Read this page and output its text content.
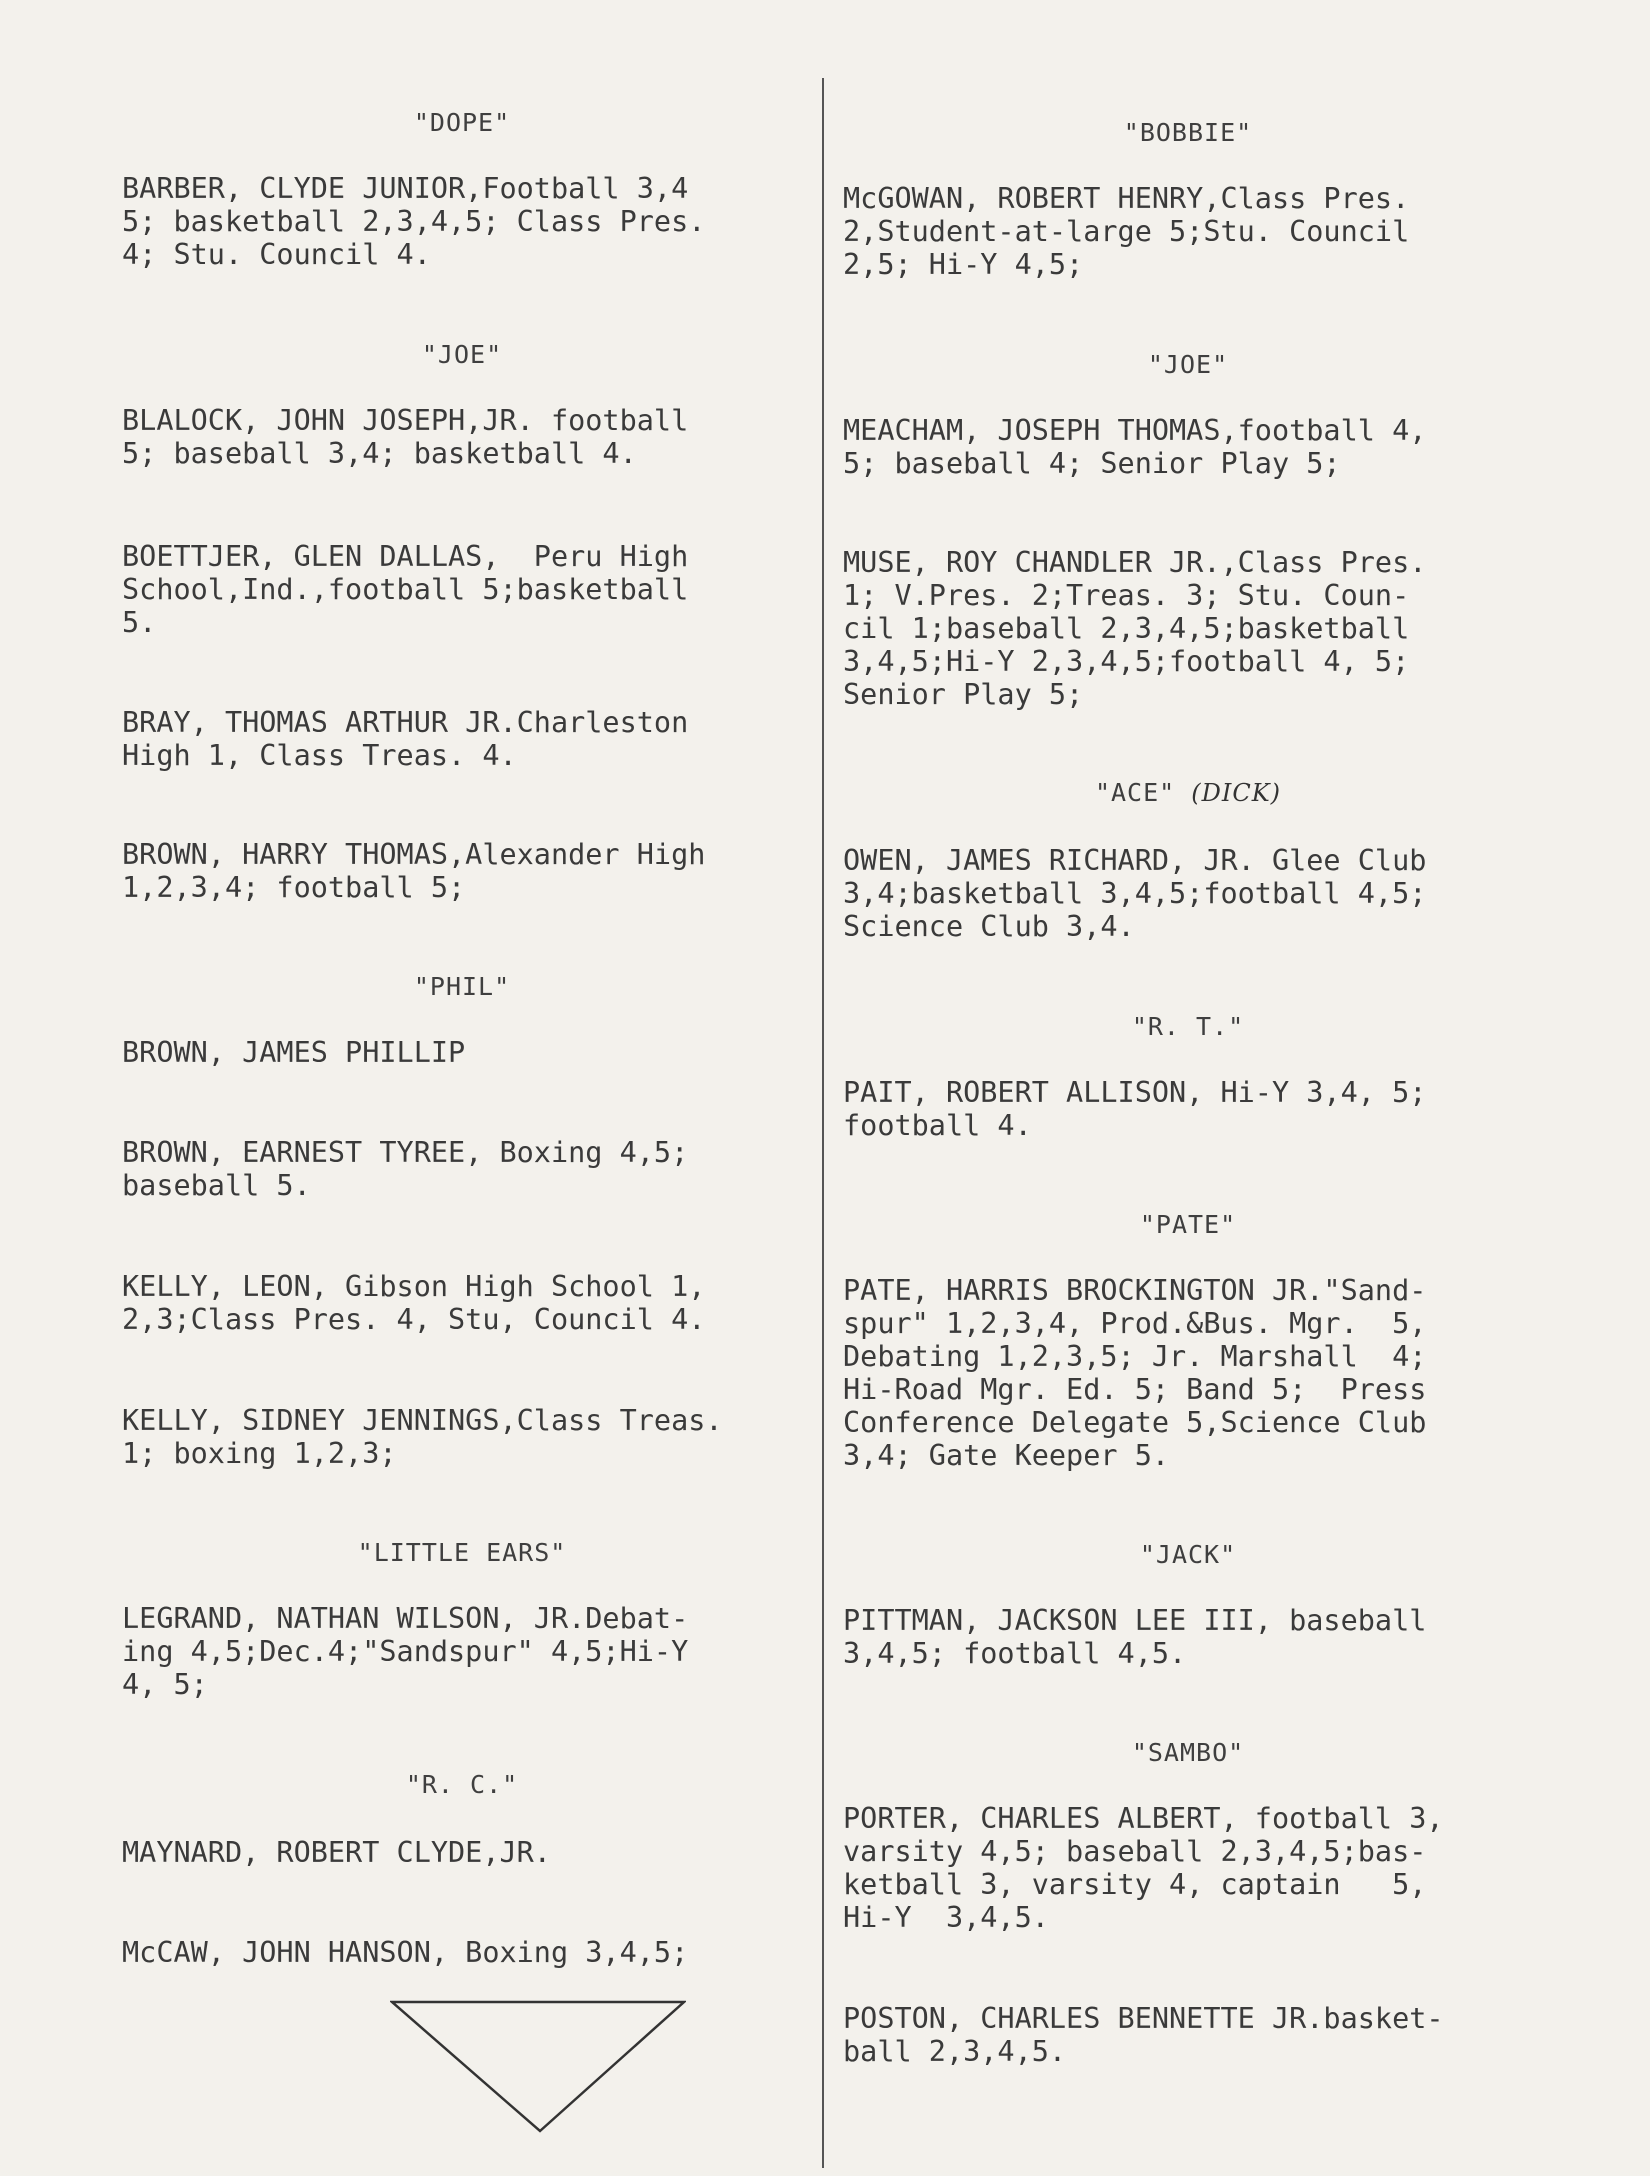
"DOPE"
BARBER, CLYDE JUNIOR,Football 3,4
5; basketball 2,3,4,5; Class Pres.
4; Stu. Council 4.
"JOE"
BLALOCK, JOHN JOSEPH,JR. football
5; baseball 3,4; basketball 4.
BOETTJER, GLEN DALLAS,  Peru High
School,Ind.,football 5;basketball
5.
BRAY, THOMAS ARTHUR JR.Charleston
High 1, Class Treas. 4.
BROWN, HARRY THOMAS,Alexander High
1,2,3,4; football 5;
"PHIL"
BROWN, JAMES PHILLIP
BROWN, EARNEST TYREE, Boxing 4,5;
baseball 5.
KELLY, LEON, Gibson High School 1,
2,3;Class Pres. 4, Stu, Council 4.
KELLY, SIDNEY JENNINGS,Class Treas.
1; boxing 1,2,3;
"LITTLE EARS"
LEGRAND, NATHAN WILSON, JR.Debat-
ing 4,5;Dec.4;"Sandspur" 4,5;Hi-Y
4, 5;
"R. C."
MAYNARD, ROBERT CLYDE,JR.
McCAW, JOHN HANSON, Boxing 3,4,5;
"BOBBIE"
McGOWAN, ROBERT HENRY,Class Pres.
2,Student-at-large 5;Stu. Council
2,5; Hi-Y 4,5;
"JOE"
MEACHAM, JOSEPH THOMAS,football 4,
5; baseball 4; Senior Play 5;
MUSE, ROY CHANDLER JR.,Class Pres.
1; V.Pres. 2;Treas. 3; Stu. Coun-
cil 1;baseball 2,3,4,5;basketball
3,4,5;Hi-Y 2,3,4,5;football 4, 5;
Senior Play 5;
"ACE" (DICK)
OWEN, JAMES RICHARD, JR. Glee Club
3,4;basketball 3,4,5;football 4,5;
Science Club 3,4.
"R. T."
PAIT, ROBERT ALLISON, Hi-Y 3,4, 5;
football 4.
"PATE"
PATE, HARRIS BROCKINGTON JR."Sand-
spur" 1,2,3,4, Prod.&Bus. Mgr.  5,
Debating 1,2,3,5; Jr. Marshall  4;
Hi-Road Mgr. Ed. 5; Band 5;  Press
Conference Delegate 5,Science Club
3,4; Gate Keeper 5.
"JACK"
PITTMAN, JACKSON LEE III, baseball
3,4,5; football 4,5.
"SAMBO"
PORTER, CHARLES ALBERT, football 3,
varsity 4,5; baseball 2,3,4,5;bas-
ketball 3, varsity 4, captain   5,
Hi-Y  3,4,5.
POSTON, CHARLES BENNETTE JR.basket-
ball 2,3,4,5.
